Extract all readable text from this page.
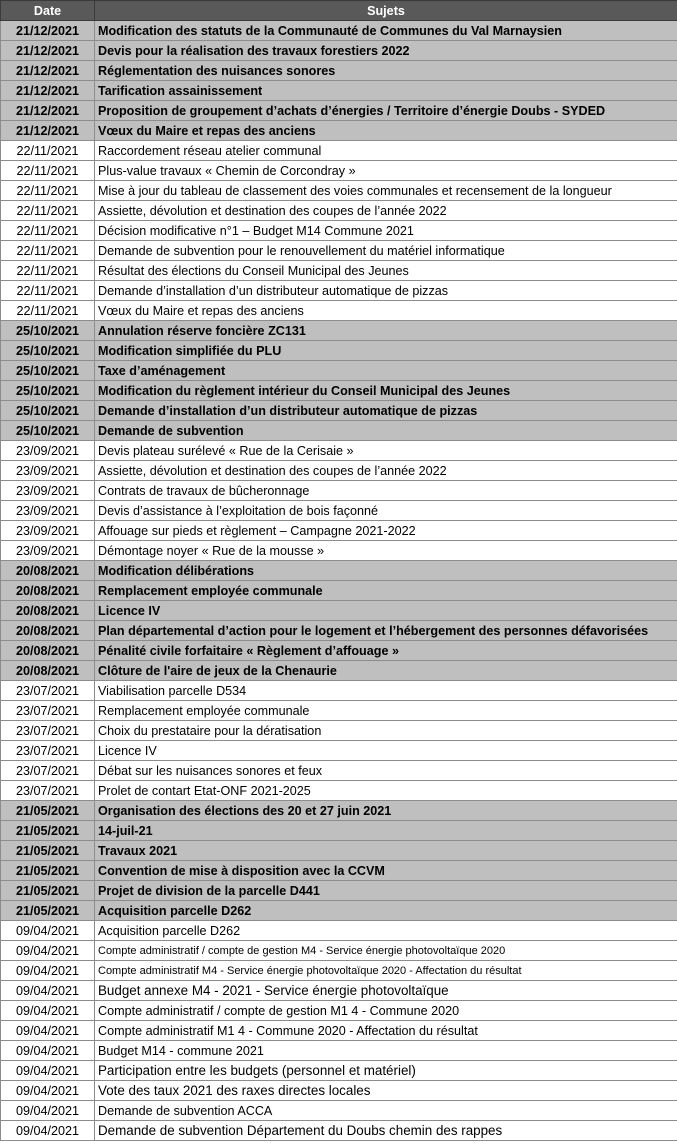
Date	Sujets
21/12/2021	Modification des statuts de la Communauté de Communes du Val Marnaysien
21/12/2021	Devis pour la réalisation des travaux forestiers 2022
21/12/2021	Réglementation des nuisances sonores
21/12/2021	Tarification assainissement
21/12/2021	Proposition de groupement d’achats d’énergies / Territoire d’énergie Doubs - SYDED
21/12/2021	Vœux du Maire et repas des anciens
22/11/2021	Raccordement réseau atelier communal
22/11/2021	Plus-value travaux « Chemin de Corcondray »
22/11/2021	Mise à jour du tableau de classement des voies communales et recensement de la longueur
22/11/2021	Assiette, dévolution et destination des coupes de l’année 2022
22/11/2021	Décision modificative n°1 – Budget M14 Commune 2021
22/11/2021	Demande de subvention pour le renouvellement du matériel informatique
22/11/2021	Résultat des élections du Conseil Municipal des Jeunes
22/11/2021	Demande d’installation d’un distributeur automatique de pizzas
22/11/2021	Vœux du Maire et repas des anciens
25/10/2021	Annulation réserve foncière ZC131
25/10/2021	Modification simplifiée du PLU
25/10/2021	Taxe d’aménagement
25/10/2021	Modification du règlement intérieur du Conseil Municipal des Jeunes
25/10/2021	Demande d’installation d’un distributeur automatique de pizzas
25/10/2021	Demande de subvention
23/09/2021	Devis plateau surélevé « Rue de la Cerisaie »
23/09/2021	Assiette, dévolution et destination des coupes de l’année 2022
23/09/2021	Contrats de travaux de bûcheronnage
23/09/2021	Devis d’assistance à l’exploitation de bois façonné
23/09/2021	Affouage sur pieds et règlement – Campagne 2021-2022
23/09/2021	Démontage noyer « Rue de la mousse »
20/08/2021	Modification délibérations
20/08/2021	Remplacement employée communale
20/08/2021	Licence IV
20/08/2021	Plan départemental d’action pour le logement et l’hébergement des personnes défavorisées
20/08/2021	Pénalité civile forfaitaire « Règlement d’affouage »
20/08/2021	Clôture de l'aire de jeux de la Chenaurie
23/07/2021	Viabilisation parcelle D534
23/07/2021	Remplacement employée communale
23/07/2021	Choix du prestataire pour la dératisation
23/07/2021	Licence IV
23/07/2021	Débat sur les nuisances sonores et feux
23/07/2021	Prolet de contart Etat-ONF 2021-2025
21/05/2021	Organisation des élections des 20 et 27 juin 2021
21/05/2021	14-juil-21
21/05/2021	Travaux 2021
21/05/2021	Convention de mise à disposition avec la CCVM
21/05/2021	Projet de division de la parcelle D441
21/05/2021	Acquisition parcelle D262
09/04/2021	Acquisition parcelle D262
09/04/2021	Compte administratif / compte de gestion M4 - Service énergie photovoltaïque 2020
09/04/2021	Compte administratif M4 - Service énergie photovoltaïque 2020 - Affectation du résultat
09/04/2021	Budget annexe M4 - 2021 - Service énergie photovoltaïque
09/04/2021	Compte administratif / compte de gestion M1 4 - Commune 2020
09/04/2021	Compte administratif M1 4 - Commune 2020 - Affectation du résultat
09/04/2021	Budget M14 - commune 2021
09/04/2021	Participation entre les budgets (personnel et matériel)
09/04/2021	Vote des taux 2021 des raxes directes locales
09/04/2021	Demande de subvention ACCA
09/04/2021	Demande de subvention Département du Doubs chemin des rappes
